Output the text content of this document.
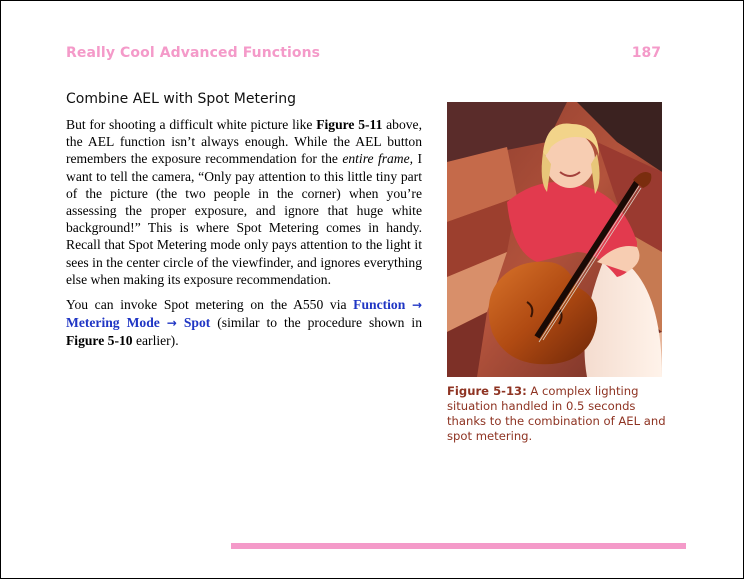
Really Cool Advanced Functions	187
Combine AEL with Spot Metering

But for shooting a difficult white picture like Figure 5-11 above, the AEL function isn’t always enough. While the AEL button remembers the exposure recommendation for the entire frame, I want to tell the camera, “Only pay attention to this little tiny part of the picture (the two people in the corner) when you’re assessing the proper exposure, and ignore that huge white background!” This is where Spot Metering comes in handy. Recall that Spot Metering mode only pays attention to the light it sees in the center circle of the viewfinder, and ignores everything else when making its exposure recommendation.

You can invoke Spot metering on the A550 via Function → Metering Mode → Spot (similar to the procedure shown in Figure 5-10 earlier).

Figure 5-13: A complex lighting situation handled in 0.5 seconds thanks to the combination of AEL and spot metering.
